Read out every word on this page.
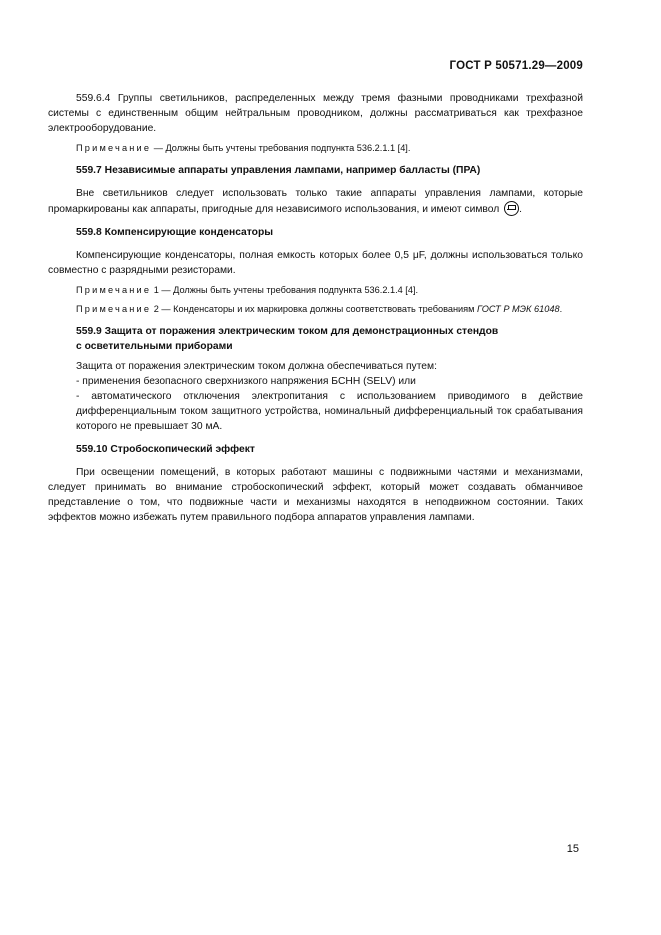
ГОСТ Р 50571.29—2009

559.6.4 Группы светильников, распределенных между тремя фазными проводниками трехфазной системы с единственным общим нейтральным проводником, должны рассматриваться как трехфазное электрооборудование.

Примечание — Должны быть учтены требования подпункта 536.2.1.1 [4].

559.7 Независимые аппараты управления лампами, например балласты (ПРА)

Вне светильников следует использовать только такие аппараты управления лампами, которые промаркированы как аппараты, пригодные для независимого использования, и имеют символ .

559.8 Компенсирующие конденсаторы

Компенсирующие конденсаторы, полная емкость которых более 0,5 μF, должны использоваться только совместно с разрядными резисторами.

Примечание 1 — Должны быть учтены требования подпункта 536.2.1.4 [4].

Примечание 2 — Конденсаторы и их маркировка должны соответствовать требованиям ГОСТ Р МЭК 61048.

559.9 Защита от поражения электрическим током для демонстрационных стендов

с осветительными приборами

Защита от поражения электрическим током должна обеспечиваться путем:

- применения безопасного сверхнизкого напряжения БСНН (SELV) или

- автоматического отключения электропитания с использованием приводимого в действие дифференциальным током защитного устройства, номинальный дифференциальный ток срабатывания которого не превышает 30 мА.

559.10 Стробоскопический эффект

При освещении помещений, в которых работают машины с подвижными частями и механизмами, следует принимать во внимание стробоскопический эффект, который может создавать обманчивое представление о том, что подвижные части и механизмы находятся в неподвижном состоянии. Таких эффектов можно избежать путем правильного подбора аппаратов управления лампами.

15
